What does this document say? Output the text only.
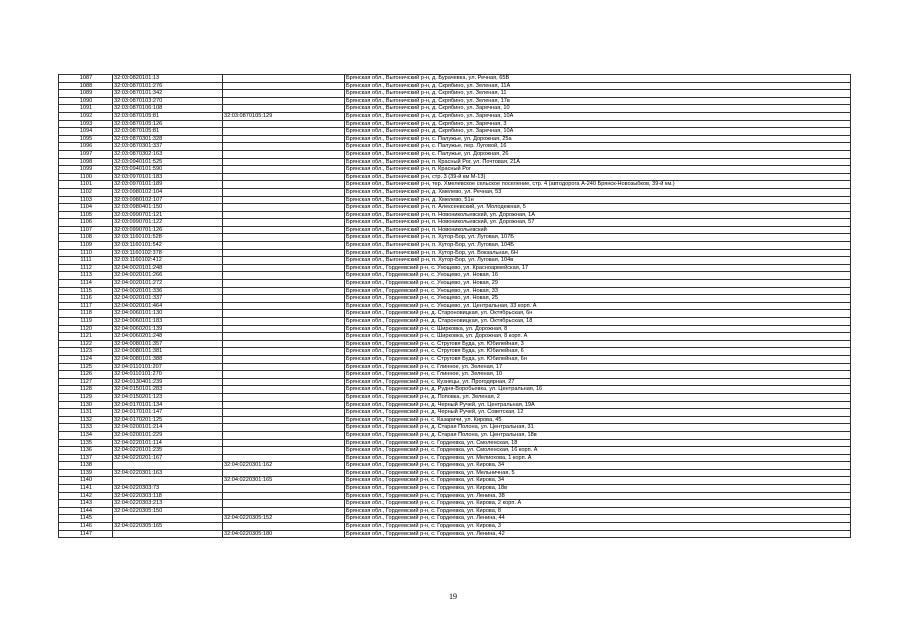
1087	32:03:0820101:13		Брянская обл., Выгоничский р-н, д. Бурачевка, ул. Речная, 65В
1088	32:03:0870101:276		Брянская обл., Выгоничский р-н, д. Скрябино, ул. Зеленая, 11А
1089	32:03:0870101:342		Брянская обл., Выгоничский р-н, д. Скрябино, ул. Зеленая, 11
1090	32:03:0870103:270		Брянская обл., Выгоничский р-н, д. Скрябино, ул. Зеленая, 17в
1091	32:03:0870106:108		Брянская обл., Выгоничский р-н, д. Скрябино, ул. Заречная, 10
1092	32:03:0870105:81	32:03:0870105:129	Брянская обл., Выгоничский р-н, д. Скрябино, ул. Заречная, 10А
1093	32:03:0870105:126		Брянская обл., Выгоничский р-н, д. Скрябино, ул. Заречная, 3
1094	32:03:0870105:81		Брянская обл., Выгоничский р-н, д. Скрябино, ул. Заречная, 10А
1095	32:03:0870301:328		Брянская обл., Выгоничский р-н, с. Палужье, ул. Дорожная, 25а
1096	32:03:0870301:337		Брянская обл., Выгоничский р-н, с. Палужье, пер. Луговой, 16
1097	32:03:0870302:163		Брянская обл., Выгоничский р-н, с. Палужье, ул. Дорожная, 26
1098	32:03:0940101:525		Брянская обл., Выгоничский р-н, п. Красный Рог, ул. Почтовая, 21А
1099	32:03:0940101:590		Брянская обл., Выгоничский р-н, п. Красный Рог
1100	32:03:0970101:183		Брянская обл., Выгоничский р-н, стр. 3 (39-й км М-13)
1101	32:03:0970101:189		Брянская обл., Выгоничский р-н, тер. Хмелевское сельское поселение, стр. 4 (автодорога А-240 Брянск-Новозыбков, 39-й км.)
1102	32:03:0980102:104		Брянская обл., Выгоничский р-н, д. Хмелево, ул. Речная, 53
1103	32:03:0980102:107		Брянская обл., Выгоничский р-н, д. Хмелево, 51н
1104	32:03:0980401:150		Брянская обл., Выгоничский р-н, п. Алексеевский, ул. Молодежная, 5
1105	32:03:0990701:121		Брянская обл., Выгоничский р-н, п. Новоникольевский, ул. Дорожная, 1А
1106	32:03:0990701:122		Брянская обл., Выгоничский р-н, п. Новоникольевский, ул. Дорожная, 57
1107	32:03:0990701:126		Брянская обл., Выгоничский р-н, п. Новоникольевский
1108	32:03:1160101:528		Брянская обл., Выгоничский р-н, п. Хутор-Бор, ул. Луговая, 107Б
1109	32:03:1160101:542		Брянская обл., Выгоничский р-н, п. Хутор-Бор, ул. Луговая, 104Б
1110	32:03:1160102:378		Брянская обл., Выгоничский р-н, п. Хутор-Бор, ул. Вокзальная, 6Н
1111	32:03:1160102:412		Брянская обл., Выгоничский р-н, п. Хутор-Бор, ул. Луговая, 104в
1112	32:04:0020101:248		Брянская обл., Гордеевский р-н, с. Унощево, ул. Красноармейская, 17
1113	32:04:0020101:266		Брянская обл., Гордеевский р-н, с. Унощево, ул. Новая, 16
1114	32:04:0020101:272		Брянская обл., Гордеевский р-н, с. Унощево, ул. Новая, 29
1115	32:04:0020101:336		Брянская обл., Гордеевский р-н, с. Унощево, ул. Новая, 33
1116	32:04:0020101:337		Брянская обл., Гордеевский р-н, с. Унощево, ул. Новая, 25
1117	32:04:0020101:464		Брянская обл., Гордеевский р-н, с. Унощево, ул. Центральная, 33 корп. А
1118	32:04:0060101:130		Брянская обл., Гордеевский р-н, д. Староновицкая, ул. Октябрьская, 6н
1119	32:04:0060101:183		Брянская обл., Гордеевский р-н, д. Староновицкая, ул. Октябрьская, 18
1120	32:04:0060201:139		Брянская обл., Гордеевский р-н, с. Ширковка, ул. Дорожная, 8
1121	32:04:0060201:248		Брянская обл., Гордеевский р-н, с. Ширковка, ул. Дорожная, 8 корп. А
1122	32:04:0080101:357		Брянская обл., Гордеевский р-н, с. Струговя Буда, ул. Юбилейная, 3
1123	32:04:0080101:381		Брянская обл., Гордеевский р-н, с. Струговя Буда, ул. Юбилейная, 6
1124	32:04:0080101:388		Брянская обл., Гордеевский р-н, с. Струговя Буда, ул. Юбилейная, 6н
1125	32:04:0110101:207		Брянская обл., Гордеевский р-н, с. Глинное, ул. Зеленая, 17
1126	32:04:0110101:270		Брянская обл., Гордеевский р-н, с. Глинное, ул. Зеленая, 10
1127	32:04:0130401:239		Брянская обл., Гордеевский р-н, с. Кузнецы, ул. Прогодярная, 27
1128	32:04:0150101:283		Брянская обл., Гордеевский р-н, д. Рудня-Воробьевка, ул. Центральная, 16
1129	32:04:0150201:123		Брянская обл., Гордеевский р-н, д. Поповка, ул. Зеленая, 2
1130	32:04:0170101:134		Брянская обл., Гордеевский р-н, д. Черный Ручей, ул. Центральная, 19А
1131	32:04:0170101:147		Брянская обл., Гордеевский р-н, д. Черный Ручей, ул. Советская, 12
1132	32:04:0170201:125		Брянская обл., Гордеевский р-н, с. Казаричи, ул. Кирова, 45
1133	32:04:0200101:214		Брянская обл., Гордеевский р-н, д. Старая Полона, ул. Центральная, 31
1134	32:04:0200101:229		Брянская обл., Гордеевский р-н, д. Старая Полона, ул. Центральная, 18в
1135	32:04:0220101:114		Брянская обл., Гордеевский р-н, с. Гордеевка, ул. Смоленская, 18
1136	32:04:0220101:235		Брянская обл., Гордеевский р-н, с. Гордеевка, ул. Смоленская, 16 корп. А
1137	32:04:0220201:167		Брянская обл., Гордеевский р-н, с. Гордеевка, ул. Мелиохова, 1 корп. А
1138		32:04:0220301:162	Брянская обл., Гордеевский р-н, с. Гордеевка, ул. Кирова, 34
1139	32:04:0220301:163		Брянская обл., Гордеевский р-н, с. Гордеевка, ул. Мельничная, 5
1140		32:04:0220301:165	Брянская обл., Гордеевский р-н, с. Гордеевка, ул. Кирова, 34
1141	32:04:0220303:73		Брянская обл., Гордеевский р-н, с. Гордеевка, ул. Кирова, 18в
1142	32:04:0220303:118		Брянская обл., Гордеевский р-н, с. Гордеевка, ул. Ленина, 38
1143	32:04:0220303:213		Брянская обл., Гордеевский р-н, с. Гордеевка, ул. Кирова, 2 корп. А
1144	32:04:0220305:150		Брянская обл., Гордеевский р-н, с. Гордеевка, ул. Кирова, 8
1145		32:04:0220305:152	Брянская обл., Гордеевский р-н, с. Гордеевка, ул. Ленина, 44
1146	32:04:0220305:165		Брянская обл., Гордеевский р-н, с. Гордеевка, ул. Кирова, 3
1147		32:04:0220305:180	Брянская обл., Гордеевский р-н, с. Гордеевка, ул. Ленина, 42
19
